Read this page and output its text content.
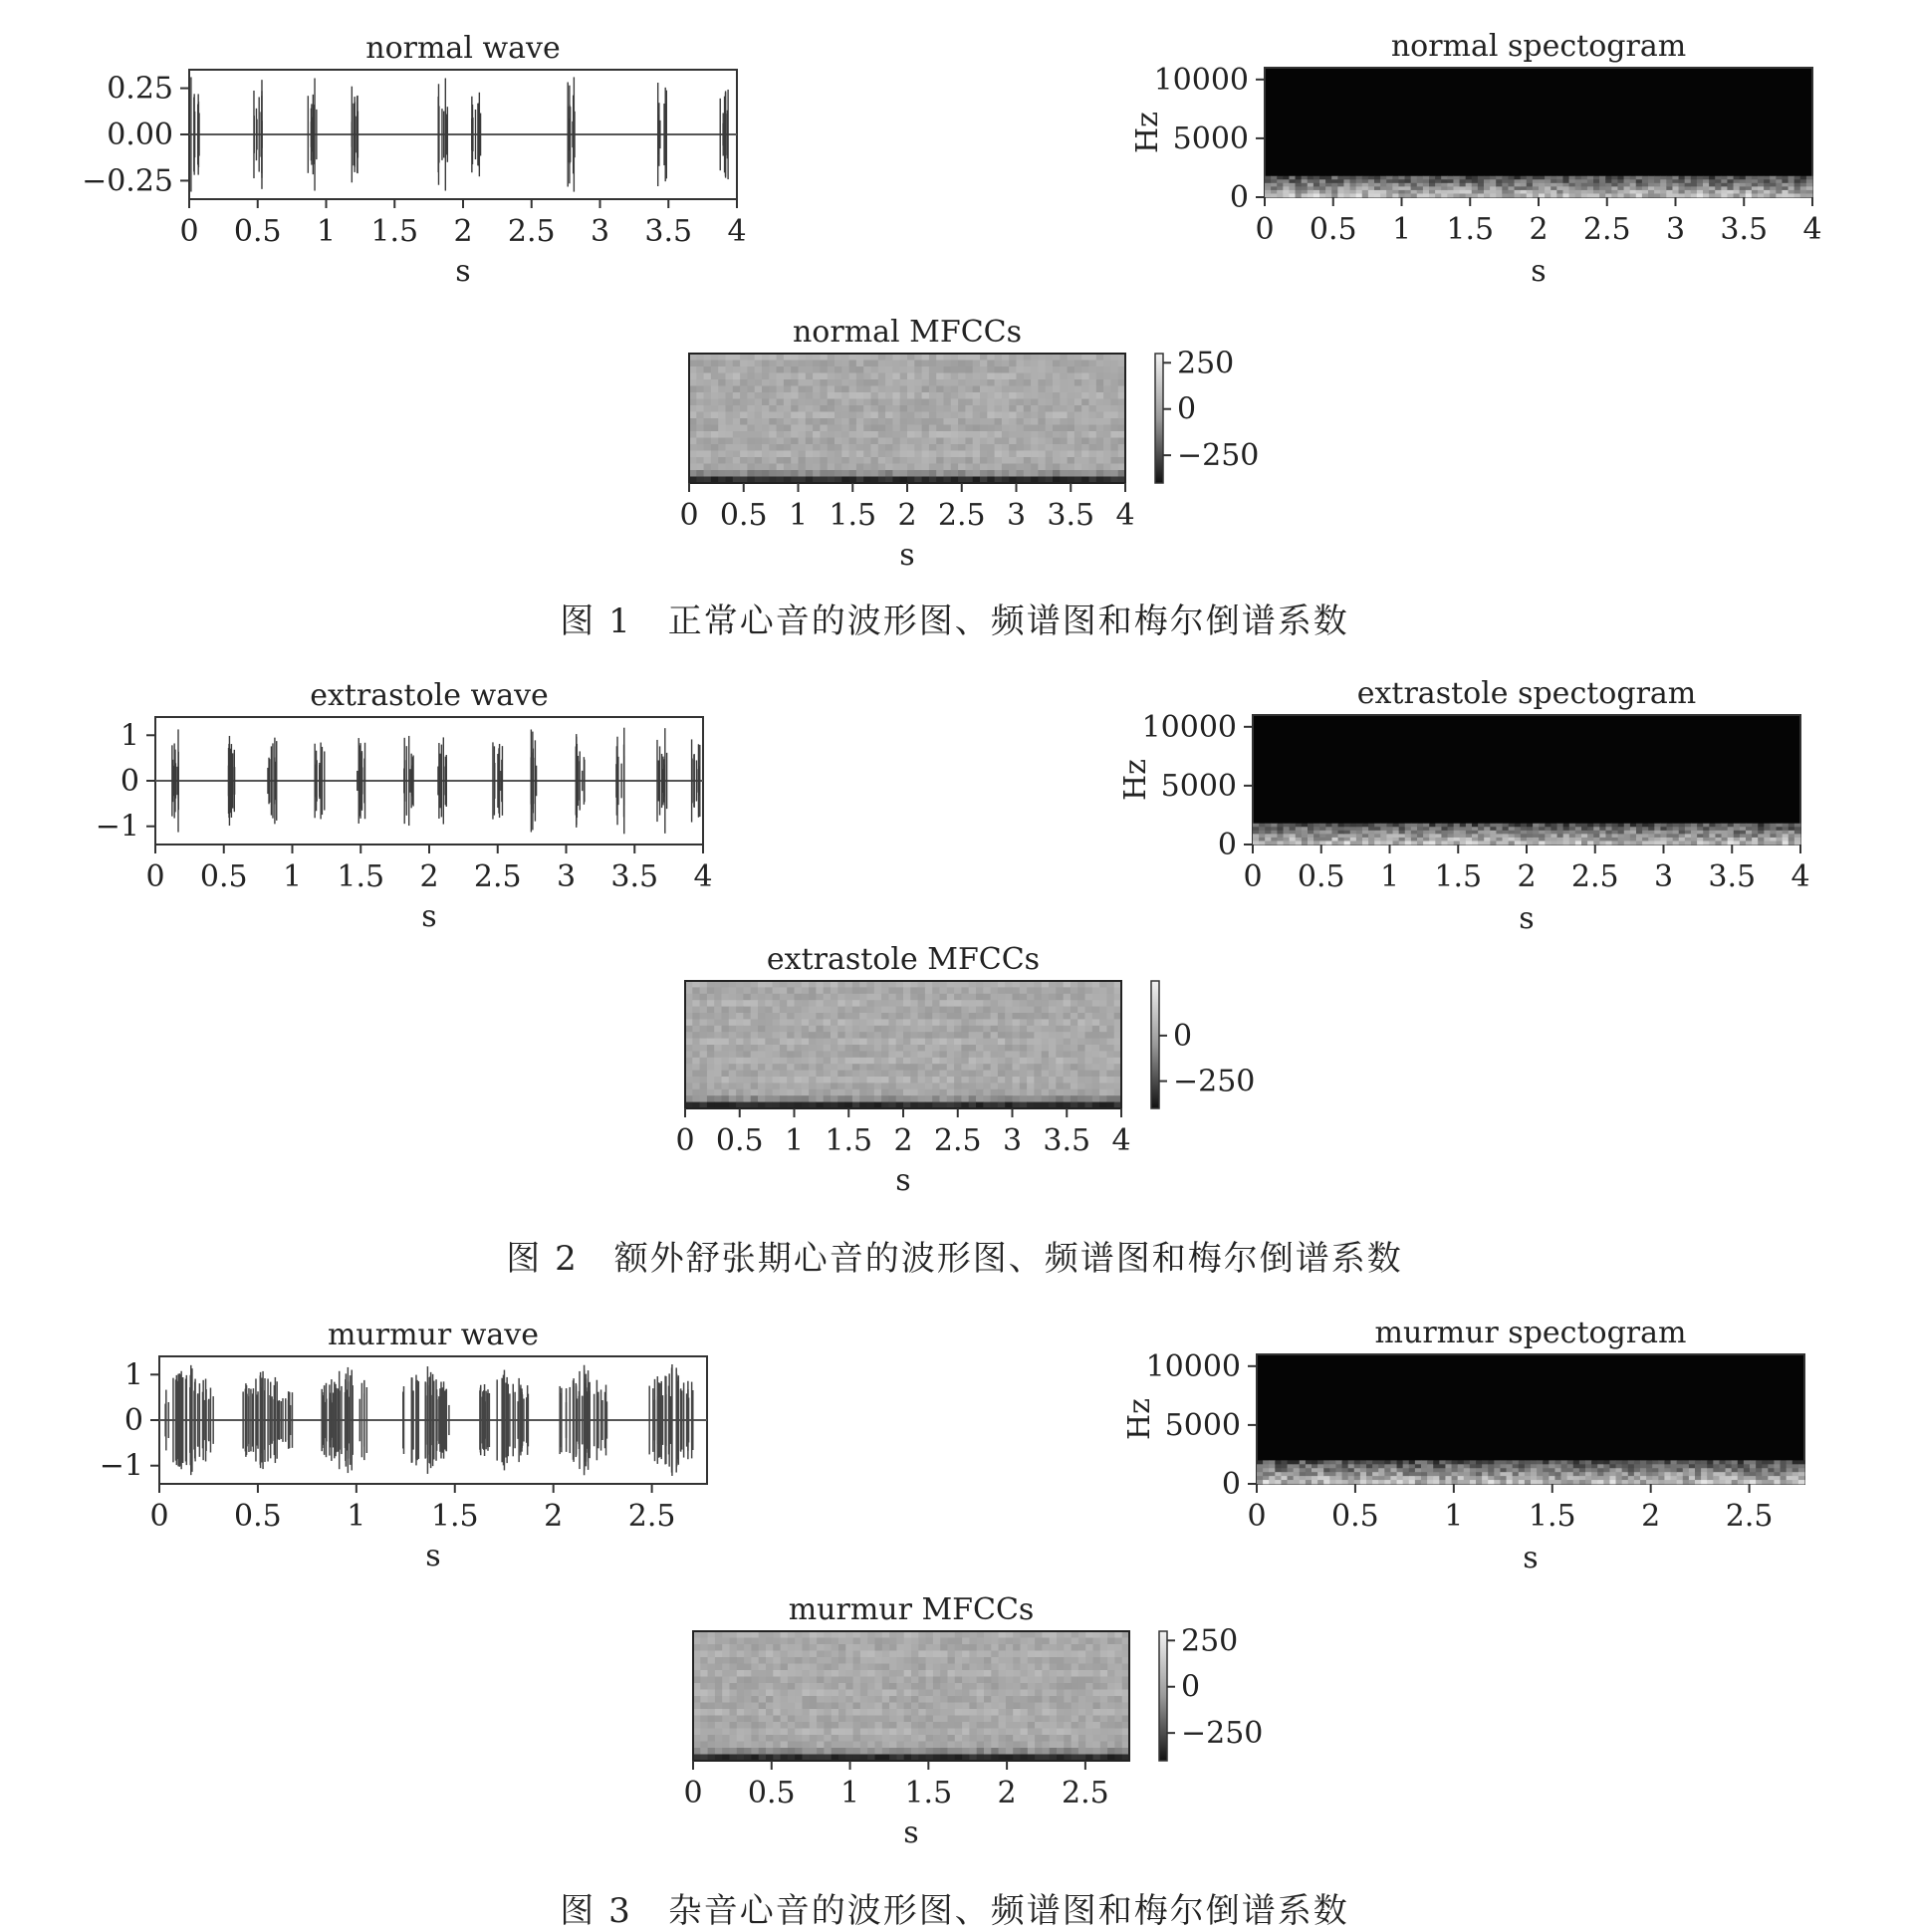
0.25
0.00
−0.25
0 0.5 1 1.5 2 2.5 3 3.5 4
normal wave
s
10000
5000
0
0 0.5 1 1.5 2 2.5 3 3.5 4
normal spectogram
s
Hz
0 0.5 1 1.5 2 2.5 3 3.5 4
normal MFCCs
s
250
0
−250
1
0
−1
0 0.5 1 1.5 2 2.5 3 3.5 4
extrastole wave
s
10000
5000
0
0 0.5 1 1.5 2 2.5 3 3.5 4
extrastole spectogram
s
Hz
0 0.5 1 1.5 2 2.5 3 3.5 4
extrastole MFCCs
s
0
−250
1
0
−1
0 0.5 1 1.5 2 2.5
murmur wave
s
10000
5000
0
0 0.5 1 1.5 2 2.5
murmur spectogram
s
Hz
0 0.5 1 1.5 2 2.5
murmur MFCCs
s
250
0
−250
图 1　正常心音的波形图、频谱图和梅尔倒谱系数
图 2　额外舒张期心音的波形图、频谱图和梅尔倒谱系数
图 3　杂音心音的波形图、频谱图和梅尔倒谱系数
